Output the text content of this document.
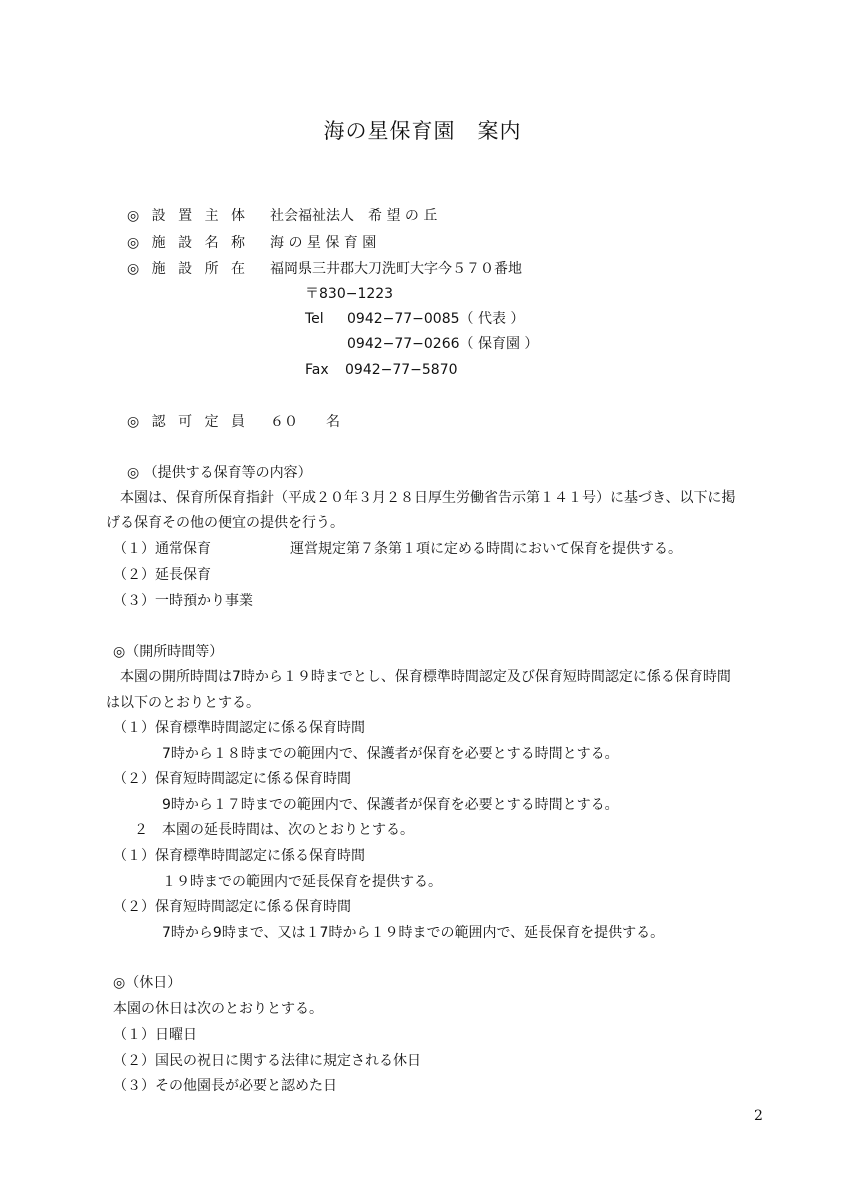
海の星保育園　案内
◎ 設 置 主 体 社会福祉法人　希 望 の 丘
◎ 施 設 名 称 海 の 星 保 育 園
◎ 施 設 所 在 福岡県三井郡大刀洗町大字今５７０番地
〒830−1223
Tel 0942−77−0085（ 代表 ）
0942−77−0266（ 保育園 ）
Fax 0942−77−5870
◎ 認 可 定 員 ６０ 名
◎ （提供する保育等の内容）
本園は、保育所保育指針（平成２０年３月２８日厚生労働省告示第１４１号）に基づき、以下に掲
げる保育その他の便宜の提供を行う。
（１）通常保育	運営規定第７条第１項に定める時間において保育を提供する。
（２）延長保育
（３）一時預かり事業
◎（開所時間等）
本園の開所時間は7時から１９時までとし、保育標準時間認定及び保育短時間認定に係る保育時間
は以下のとおりとする。
（１）保育標準時間認定に係る保育時間
7時から１８時までの範囲内で、保護者が保育を必要とする時間とする。
（２）保育短時間認定に係る保育時間
9時から１７時までの範囲内で、保護者が保育を必要とする時間とする。
２　本園の延長時間は、次のとおりとする。
（１）保育標準時間認定に係る保育時間
１９時までの範囲内で延長保育を提供する。
（２）保育短時間認定に係る保育時間
7時から9時まで、又は１7時から１９時までの範囲内で、延長保育を提供する。
◎（休日）
本園の休日は次のとおりとする。
（１）日曜日
（２）国民の祝日に関する法律に規定される休日
（３）その他園長が必要と認めた日
2
